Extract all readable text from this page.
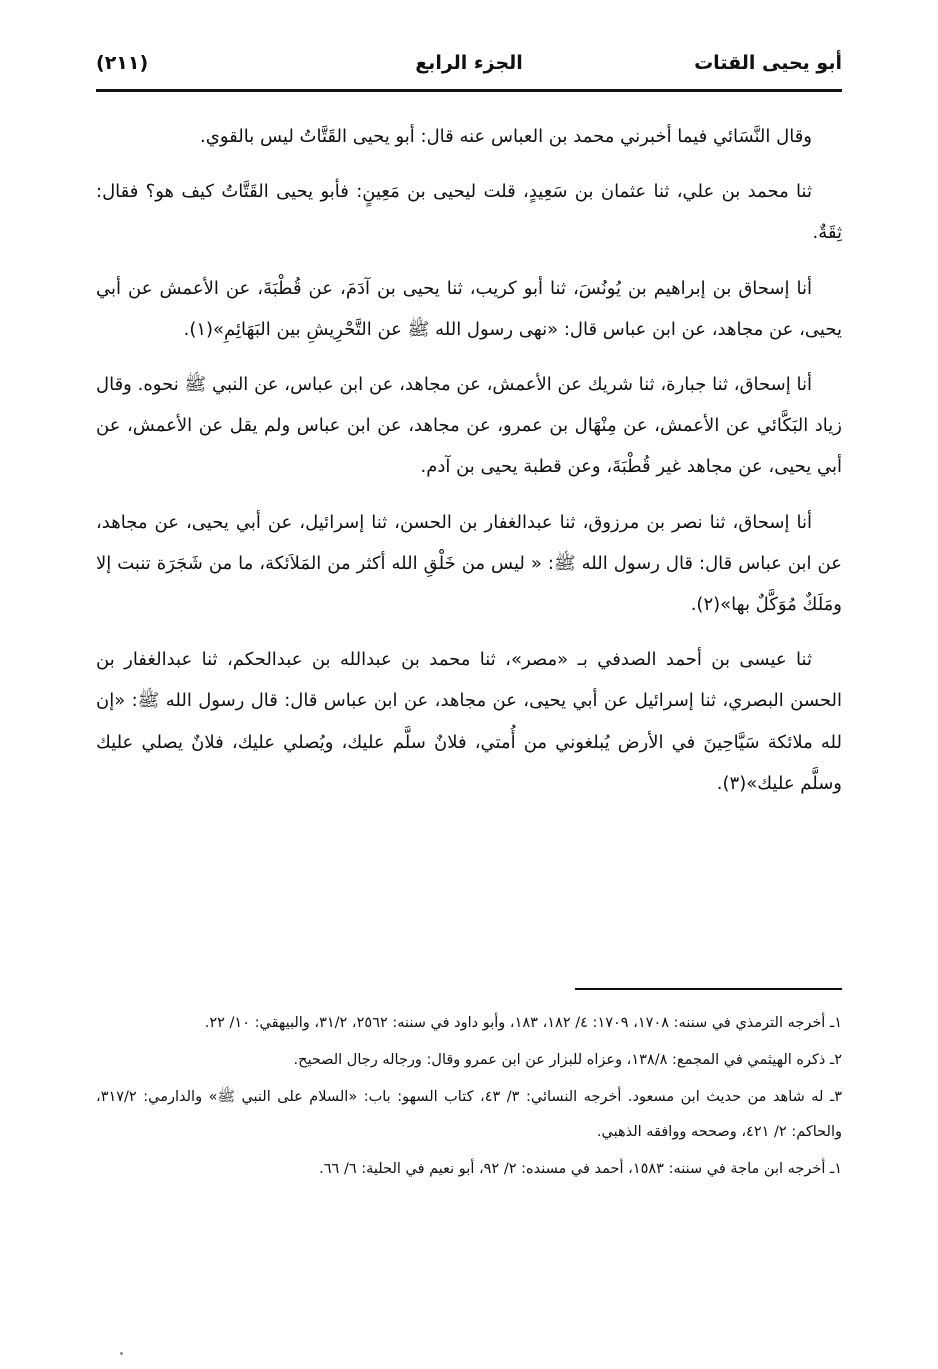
أبو يحيى القتات
الجزء الرابع
(٢١١)

وقال النَّسَائي فيما أخبرني محمد بن العباس عنه قال: أبو يحيى القَتَّاتُ ليس بالقوي.

ثنا محمد بن علي، ثنا عثمان بن سَعِيدٍ، قلت ليحيى بن مَعِينٍ: فأبو يحيى القَتَّاتُ كيف هو؟ فقال: ثِقَةٌ.

أنا إسحاق بن إبراهيم بن يُونُسَ، ثنا أبو كريب، ثنا يحيى بن آدَمَ، عن قُطْبَةَ، عن الأعمش عن أبي يحيى، عن مجاهد، عن ابن عباس قال: «نهى رسول الله ﷺ عن التَّحْرِيشِ بين البَهَائِمِ»(١).

أنا إسحاق، ثنا جبارة، ثنا شريك عن الأعمش، عن مجاهد، عن ابن عباس، عن النبي ﷺ نحوه. وقال زياد البَكَّائي عن الأعمش، عن مِنْهَال بن عمرو، عن مجاهد، عن ابن عباس ولم يقل عن الأعمش، عن أبي يحيى، عن مجاهد غير قُطْبَةَ، وعن قطبة يحيى بن آدم.

أنا إسحاق، ثنا نصر بن مرزوق، ثنا عبدالغفار بن الحسن، ثنا إسرائيل، عن أبي يحيى، عن مجاهد، عن ابن عباس قال: قال رسول الله ﷺ: « ليس من خَلْقِ الله أكثر من المَلاَئكة، ما من شَجَرَة تنبت إلا ومَلَكٌ مُوَكَّلٌ بها»(٢).

ثنا عيسى بن أحمد الصدفي بـ «مصر»، ثنا محمد بن عبدالله بن عبدالحكم، ثنا عبدالغفار بن الحسن البصري، ثنا إسرائيل عن أبي يحيى، عن مجاهد، عن ابن عباس قال: قال رسول الله ﷺ: «إن لله ملائكة سَيَّاحِينَ في الأرض يُبلغوني من أُمتي، فلانٌ سلَّم عليك، ويُصلي عليك، فلانٌ يصلي عليك وسلَّم عليك»(٣).

١ـ أخرجه الترمذي في سننه: ١٧٠٨، ١٧٠٩: ٤/ ١٨٢، ١٨٣، وأبو داود في سننه: ٢٥٦٢، ٣١/٢، والبيهقي: ١٠/ ٢٢.

٢ـ ذكره الهيثمي في المجمع: ١٣٨/٨، وعزاه للبزار عن ابن عمرو وقال: ورجاله رجال الصحيح.

٣ـ له شاهد من حديث ابن مسعود. أخرجه النسائي: ٣/ ٤٣، كتاب السهو: باب: «السلام على النبي ﷺ» والدارمي: ٣١٧/٢، والحاكم: ٢/ ٤٢١، وصححه ووافقه الذهبي.

١ـ أخرجه ابن ماجة في سننه: ١٥٨٣، أحمد في مسنده: ٢/ ٩٢، أبو نعيم في الحلية: ٦/ ٦٦.
